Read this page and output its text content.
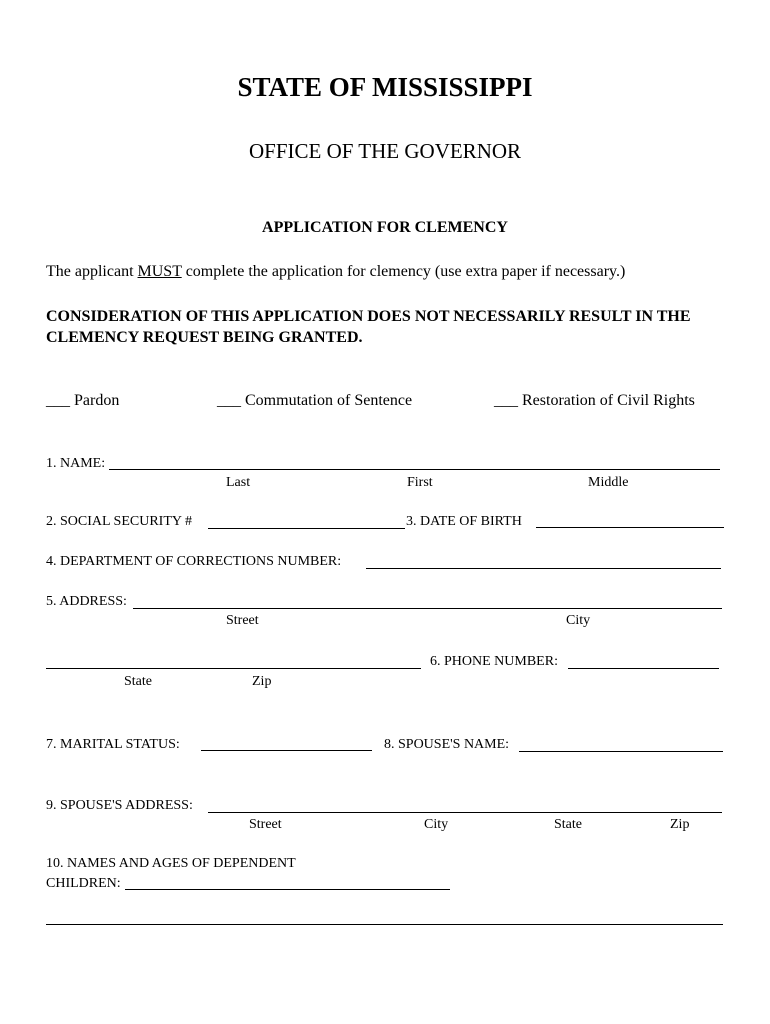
STATE OF MISSISSIPPI
OFFICE OF THE GOVERNOR
APPLICATION FOR CLEMENCY
The applicant MUST complete the application for clemency (use extra paper if necessary.)
CONSIDERATION OF THIS APPLICATION DOES NOT NECESSARILY RESULT IN THE CLEMENCY REQUEST BEING GRANTED.
___ Pardon	___ Commutation of Sentence	___ Restoration of Civil Rights
1. NAME:
Last	First	Middle
2. SOCIAL SECURITY #	3. DATE OF BIRTH
4. DEPARTMENT OF CORRECTIONS NUMBER:
5. ADDRESS:
Street	City
State	Zip
6. PHONE NUMBER:
7. MARITAL STATUS:	8. SPOUSE'S NAME:
9. SPOUSE'S ADDRESS:
Street	City	State	Zip
10. NAMES AND AGES OF DEPENDENT
CHILDREN:
